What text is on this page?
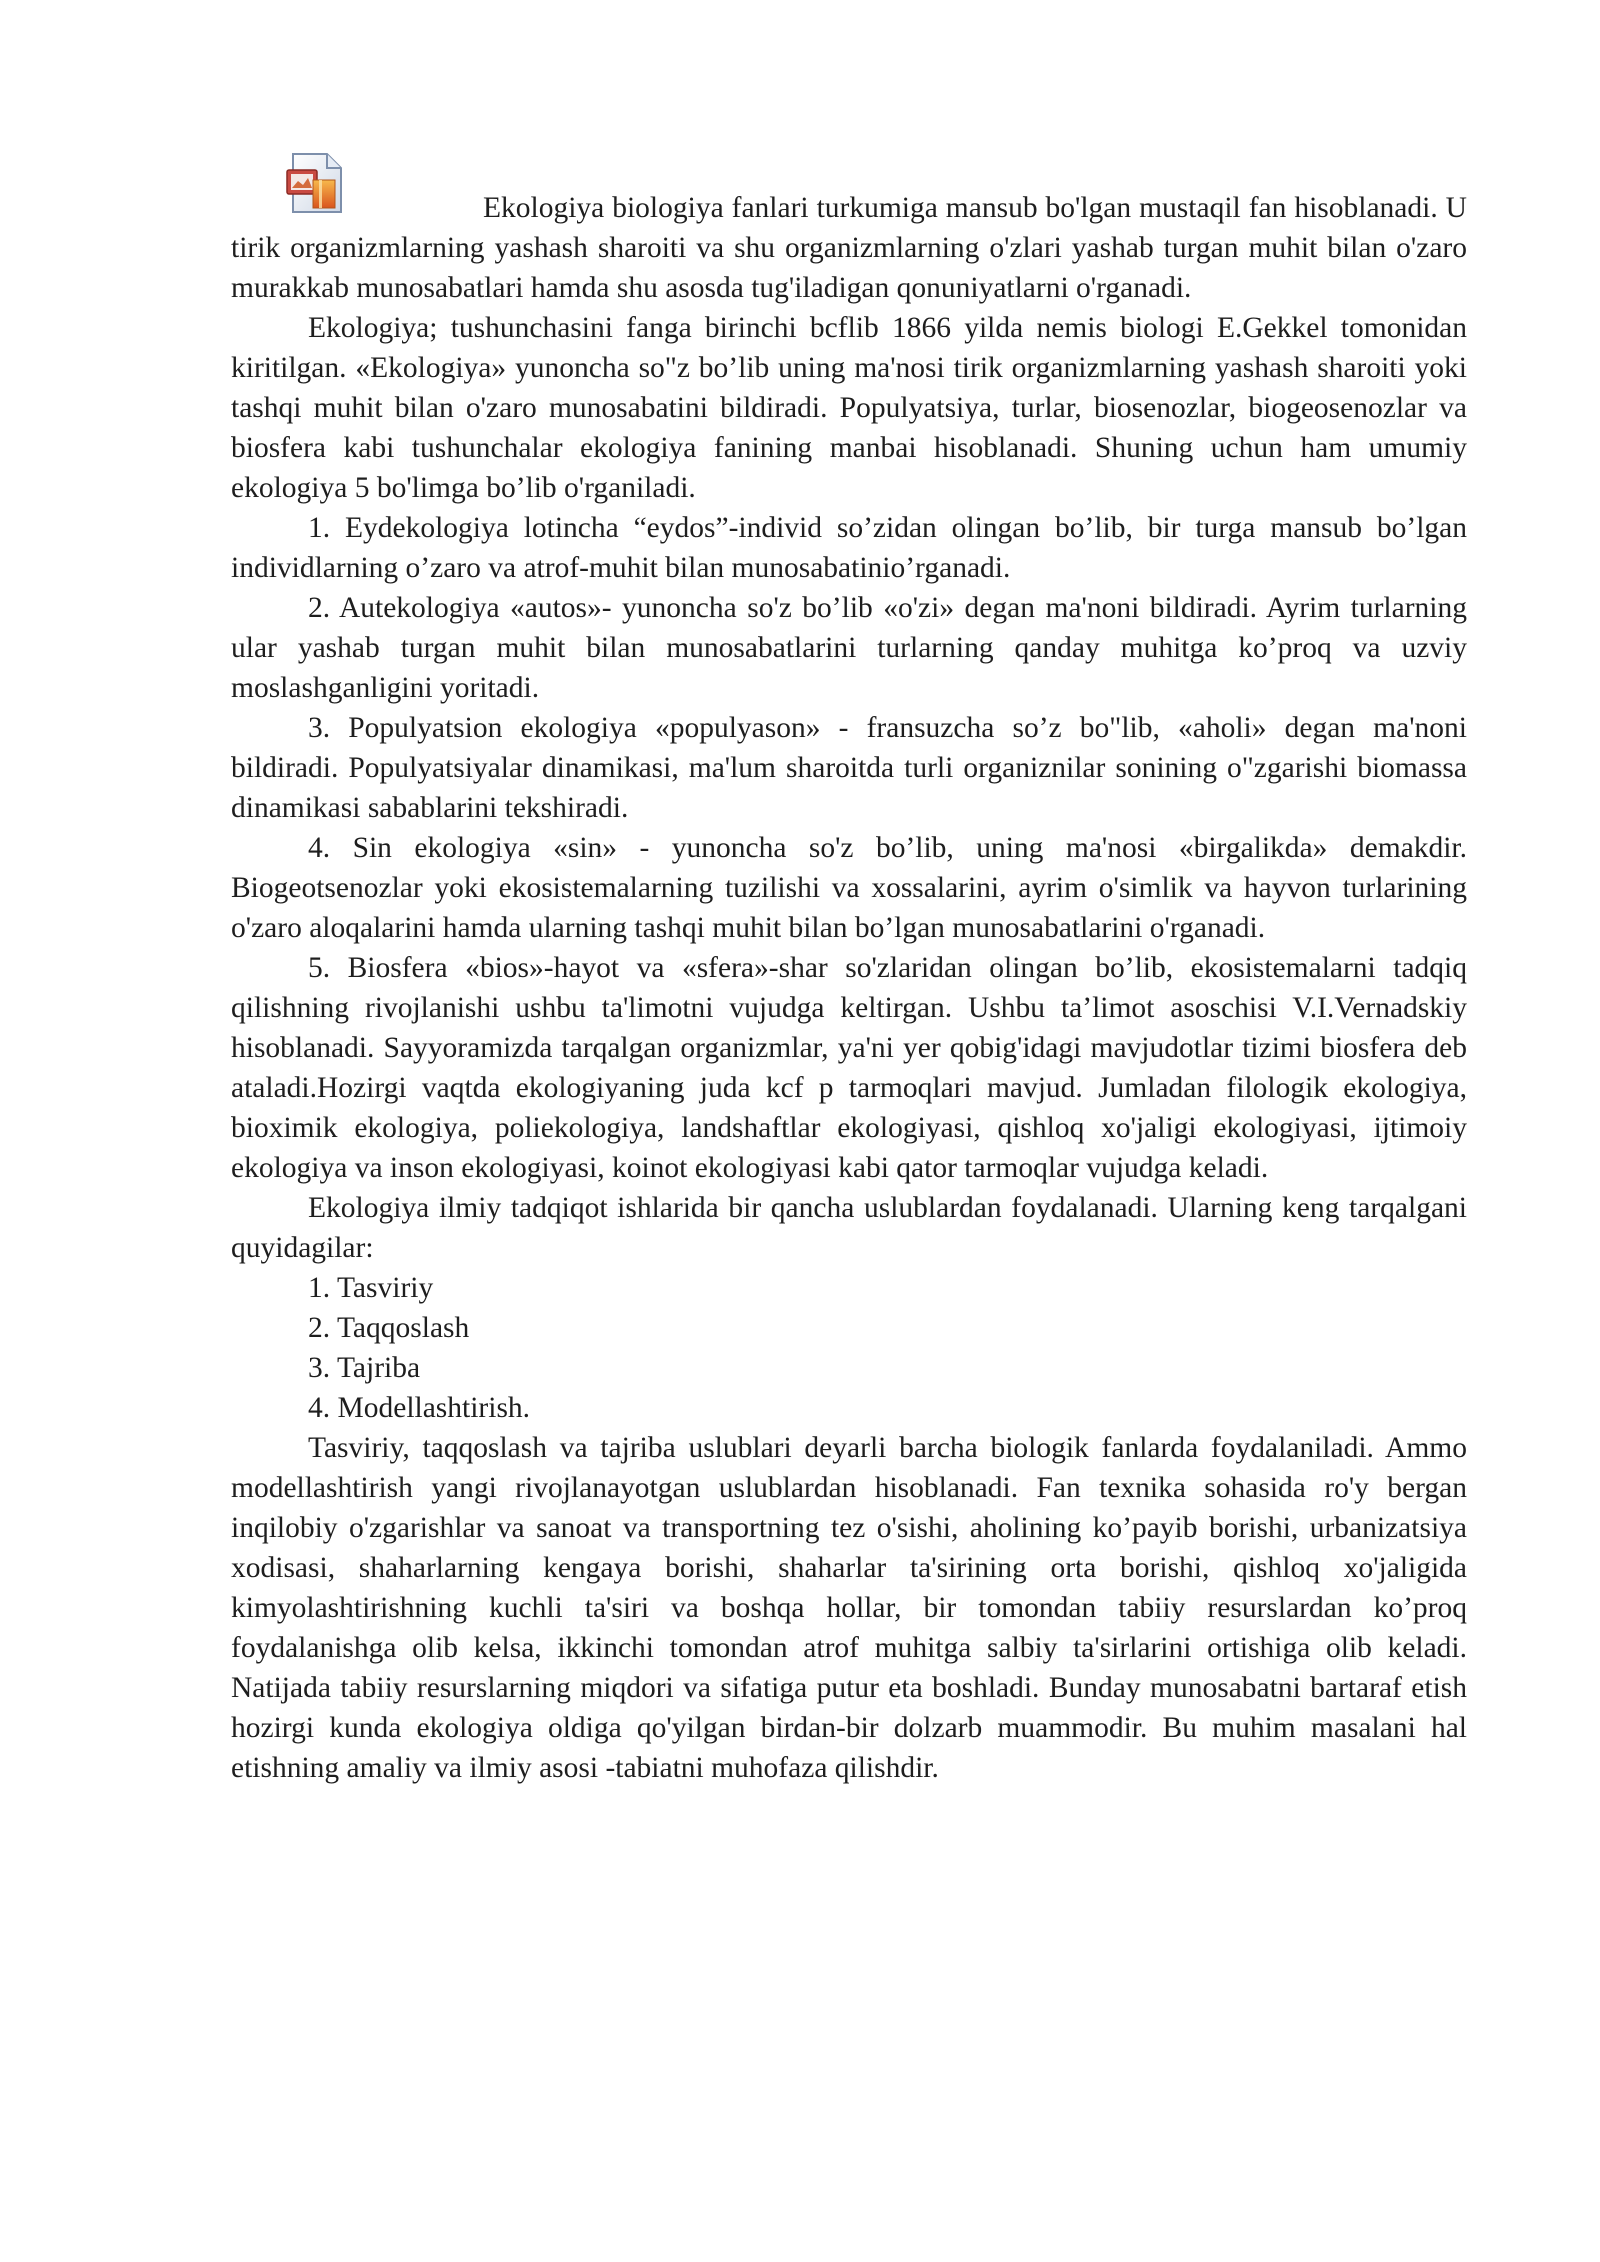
Ekologiya biologiya fanlari turkumiga mansub bo'lgan mustaqil fan hisoblanadi. U tirik organizmlarning yashash sharoiti va shu organizmlarning o'zlari yashab turgan muhit bilan o'zaro murakkab munosabatlari hamda shu asosda tug'iladigan qonuniyatlarni o'rganadi.

Ekologiya; tushunchasini fanga birinchi bcflib 1866 yilda nemis biologi E.Gekkel tomonidan kiritilgan. «Ekologiya» yunoncha so"z bo’lib uning ma'nosi tirik organizmlarning yashash sharoiti yoki tashqi muhit bilan o'zaro munosabatini bildiradi. Populyatsiya, turlar, biosenozlar, biogeosenozlar va biosfera kabi tushunchalar ekologiya fanining manbai hisoblanadi. Shuning uchun ham umumiy ekologiya 5 bo'limga bo’lib o'rganiladi.

1. Eydekologiya lotincha “eydos”-individ so’zidan olingan bo’lib, bir turga mansub bo’lgan individlarning o’zaro va atrof-muhit bilan munosabatinio’rganadi.

2. Autekologiya «autos»- yunoncha so'z bo’lib «o'zi» degan ma'noni bildiradi. Ayrim turlarning ular yashab turgan muhit bilan munosabatlarini turlarning qanday muhitga ko’proq va uzviy moslashganligini yoritadi.

3. Populyatsion ekologiya «populyason» - fransuzcha so’z bo"lib, «aholi» degan ma'noni bildiradi. Populyatsiyalar dinamikasi, ma'lum sharoitda turli organiznilar sonining o"zgarishi biomassa dinamikasi sabablarini tekshiradi.

4. Sin ekologiya «sin» - yunoncha so'z bo’lib, uning ma'nosi «birgalikda» demakdir. Biogeotsenozlar yoki ekosistemalarning tuzilishi va xossalarini, ayrim o'simlik va hayvon turlarining o'zaro aloqalarini hamda ularning tashqi muhit bilan bo’lgan munosabatlarini o'rganadi.

5. Biosfera «bios»-hayot va «sfera»-shar so'zlaridan olingan bo’lib, ekosistemalarni tadqiq qilishning rivojlanishi ushbu ta'limotni vujudga keltirgan. Ushbu ta’limot asoschisi V.I.Vernadskiy hisoblanadi. Sayyoramizda tarqalgan organizmlar, ya'ni yer qobig'idagi mavjudotlar tizimi biosfera deb ataladi.Hozirgi vaqtda ekologiyaning juda kcf p tarmoqlari mavjud. Jumladan filologik ekologiya, bioximik ekologiya, poliekologiya, landshaftlar ekologiyasi, qishloq xo'jaligi ekologiyasi, ijtimoiy ekologiya va inson ekologiyasi, koinot ekologiyasi kabi qator tarmoqlar vujudga keladi.

Ekologiya ilmiy tadqiqot ishlarida bir qancha uslublardan foydalanadi. Ularning keng tarqalgani quyidagilar:

1. Tasviriy
2. Taqqoslash
3. Tajriba
4. Modellashtirish.

Tasviriy, taqqoslash va tajriba uslublari deyarli barcha biologik fanlarda foydalaniladi. Ammo modellashtirish yangi rivojlanayotgan uslublardan hisoblanadi. Fan texnika sohasida ro'y bergan inqilobiy o'zgarishlar va sanoat va transportning tez o'sishi, aholining ko’payib borishi, urbanizatsiya xodisasi, shaharlarning kengaya borishi, shaharlar ta'sirining orta borishi, qishloq xo'jaligida kimyolashtirishning kuchli ta'siri va boshqa hollar, bir tomondan tabiiy resurslardan ko’proq foydalanishga olib kelsa, ikkinchi tomondan atrof muhitga salbiy ta'sirlarini ortishiga olib keladi. Natijada tabiiy resurslarning miqdori va sifatiga putur eta boshladi. Bunday munosabatni bartaraf etish hozirgi kunda ekologiya oldiga qo'yilgan birdan-bir dolzarb muammodir. Bu muhim masalani hal etishning amaliy va ilmiy asosi -tabiatni muhofaza qilishdir.
